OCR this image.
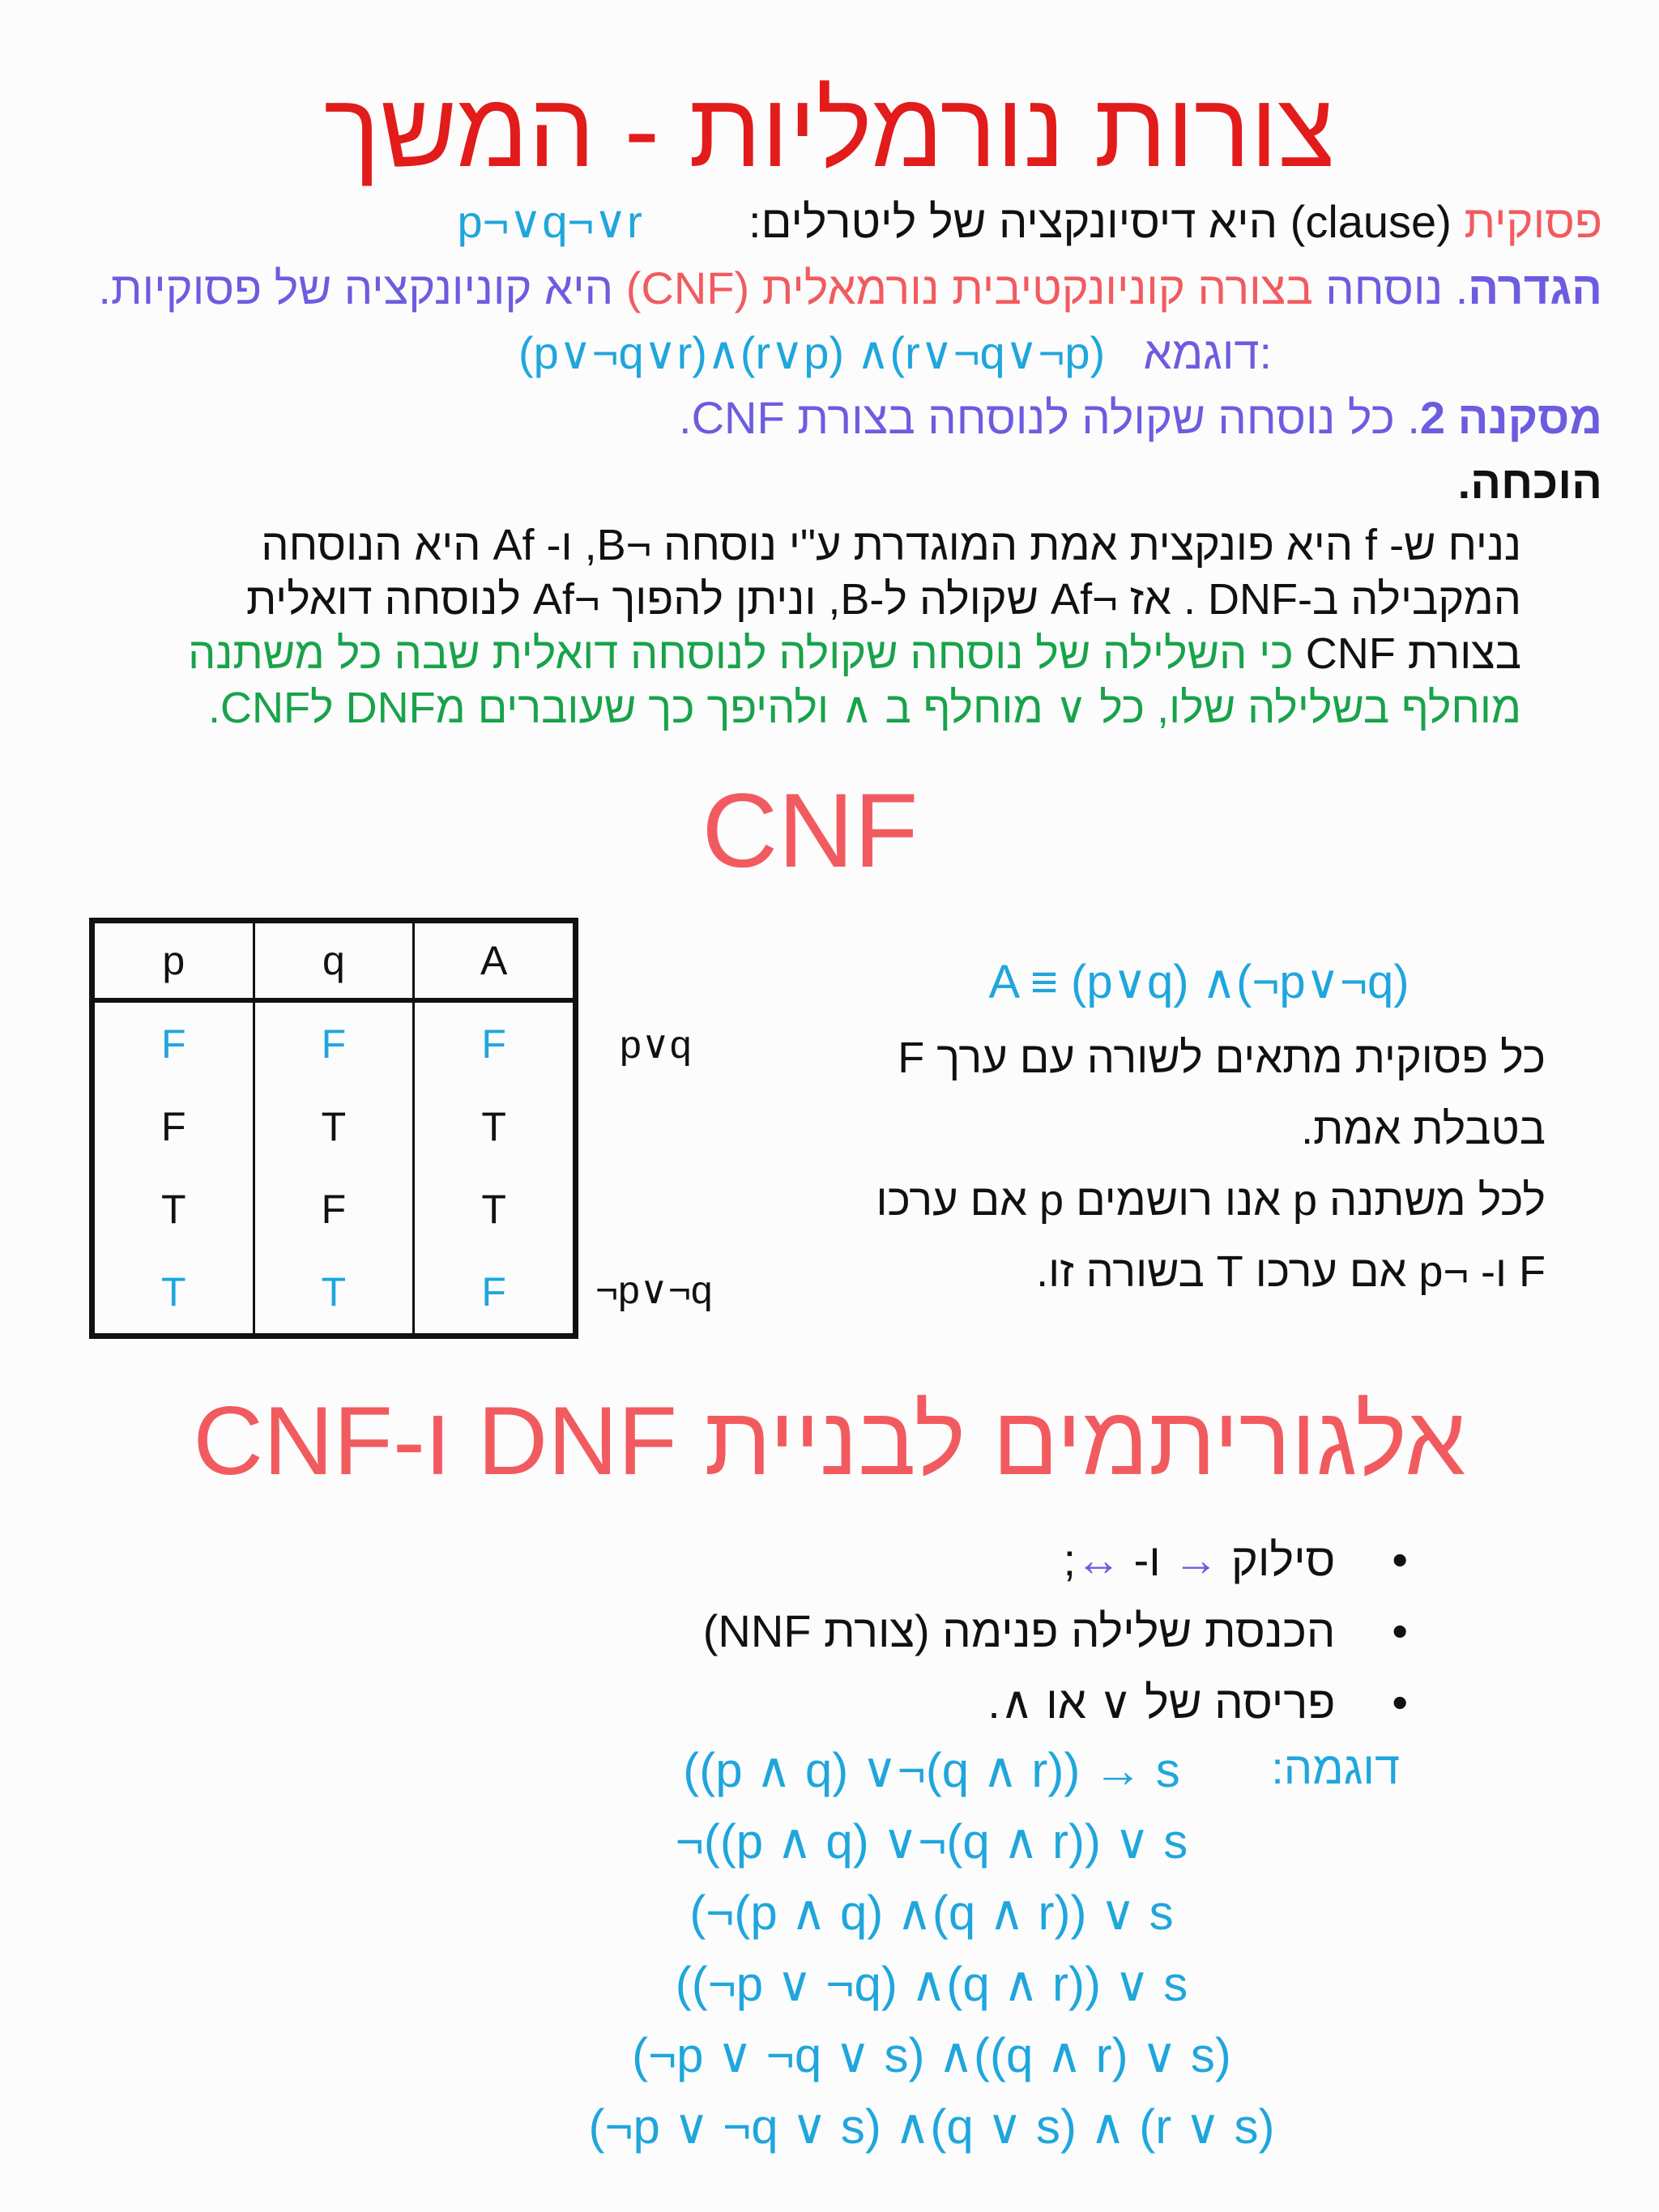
צורות נורמליות - המשך
פסוקית (clause) היא דיסיונקציה של ליטרלים:  p¬∨q¬∨r
הגדרה. נוסחה בצורה קוניונקטיבית נורמאלית (CNF) היא קוניונקציה של פסוקיות.
(p∨¬q∨r)∧(r∨p) ∧(r∨¬q∨¬p) דוגמא:
מסקנה 2. כל נוסחה שקולה לנוסחה בצורת CNF.
הוכחה.
נניח ש- f היא פונקצית אמת המוגדרת ע"י נוסחה ¬B, ו- Af היא הנוסחה
המקבילה ב-DNF . אז ¬Af שקולה ל-B, וניתן להפוך ¬Af לנוסחה דואלית
בצורת CNF כי השלילה של נוסחה שקולה לנוסחה דואלית שבה כל משתנה
מוחלף בשלילה שלו, כל ∨ מוחלף ב ∧ ולהיפך כך שעוברים מDNF לCNF.
CNF
p	q	A
F	F	F
F	T	T
T	F	T
T	T	F
p∨q
¬p∨¬q
A ≡ (p∨q) ∧(¬p∨¬q)
כל פסוקית מתאים לשורה עם ערך F
בטבלת אמת.
לכל משתנה p אנו רושמים p אם ערכו
F ו- ¬p אם ערכו T בשורה זו.
אלגוריתמים לבניית DNF ו-CNF
•סילוק → ו- ↔;
•הכנסת שלילה פנימה (צורת NNF)
•פריסה של ∨ או ∧.
דוגמה:
((p ∧ q) ∨¬(q ∧ r)) → s
¬((p ∧ q) ∨¬(q ∧ r)) ∨ s
(¬(p ∧ q) ∧(q ∧ r)) ∨ s
((¬p ∨ ¬q) ∧(q ∧ r)) ∨ s
(¬p ∨ ¬q ∨ s) ∧((q ∧ r) ∨ s)
(¬p ∨ ¬q ∨ s) ∧(q ∨ s) ∧ (r ∨ s)
